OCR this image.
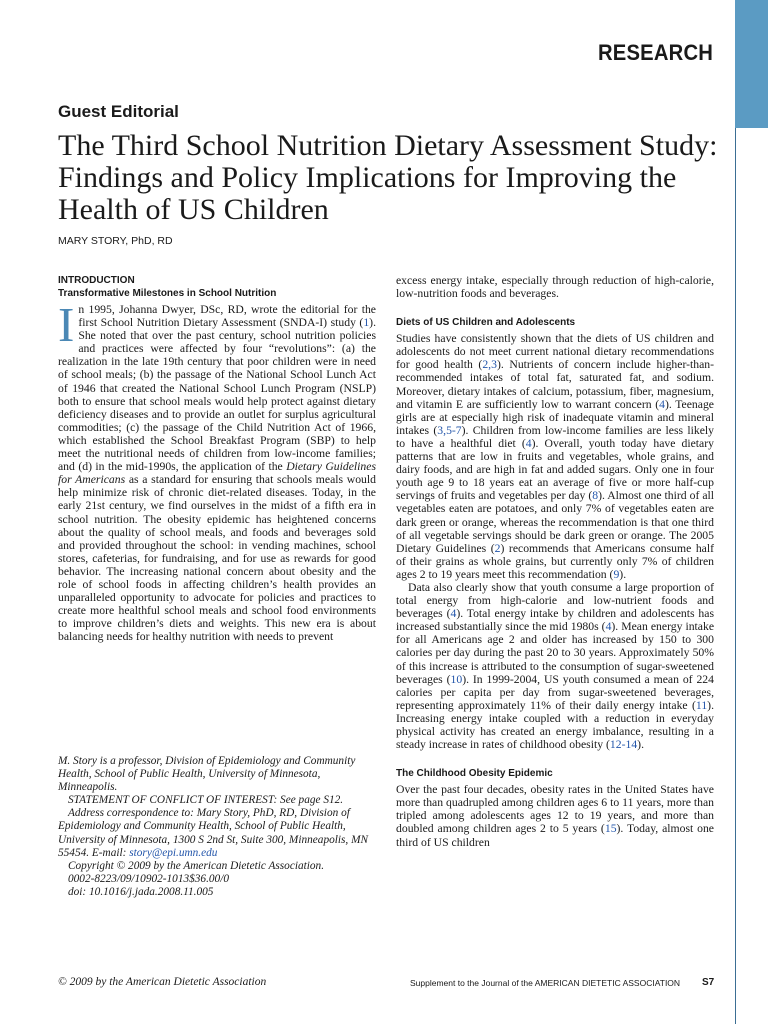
RESEARCH
Guest Editorial
The Third School Nutrition Dietary Assessment Study: Findings and Policy Implications for Improving the Health of US Children
MARY STORY, PhD, RD
INTRODUCTION
Transformative Milestones in School Nutrition

In 1995, Johanna Dwyer, DSc, RD, wrote the editorial for the first School Nutrition Dietary Assessment (SNDA-I) study (1). She noted that over the past century, school nutrition policies and practices were affected by four “revolutions”: (a) the realization in the late 19th century that poor children were in need of school meals; (b) the passage of the National School Lunch Act of 1946 that created the National School Lunch Program (NSLP) both to ensure that school meals would help protect against dietary deficiency diseases and to provide an outlet for surplus agricultural commodities; (c) the passage of the Child Nutrition Act of 1966, which established the School Breakfast Program (SBP) to help meet the nutritional needs of children from low-income families; and (d) in the mid-1990s, the application of the Dietary Guidelines for Americans as a standard for ensuring that schools meals would help minimize risk of chronic diet-related diseases. Today, in the early 21st century, we find ourselves in the midst of a fifth era in school nutrition. The obesity epidemic has heightened concerns about the quality of school meals, and foods and beverages sold and provided throughout the school: in vending machines, school stores, cafeterias, for fundraising, and for use as rewards for good behavior. The increasing national concern about obesity and the role of school foods in affecting children’s health provides an unparalleled opportunity to advocate for policies and practices to create more healthful school meals and school food environments to improve children’s diets and weights. This new era is about balancing needs for healthy nutrition with needs to prevent

M. Story is a professor, Division of Epidemiology and Community Health, School of Public Health, University of Minnesota, Minneapolis.

STATEMENT OF CONFLICT OF INTEREST: See page S12.

Address correspondence to: Mary Story, PhD, RD, Division of Epidemiology and Community Health, School of Public Health, University of Minnesota, 1300 S 2nd St, Suite 300, Minneapolis, MN 55454. E-mail: story@epi.umn.edu

Copyright © 2009 by the American Dietetic Association.

0002-8223/09/10902-1013$36.00/0

doi: 10.1016/j.jada.2008.11.005

excess energy intake, especially through reduction of high-calorie, low-nutrition foods and beverages.

Diets of US Children and Adolescents

Studies have consistently shown that the diets of US children and adolescents do not meet current national dietary recommendations for good health (2,3). Nutrients of concern include higher-than-recommended intakes of total fat, saturated fat, and sodium. Moreover, dietary intakes of calcium, potassium, fiber, magnesium, and vitamin E are sufficiently low to warrant concern (4). Teenage girls are at especially high risk of inadequate vitamin and mineral intakes (3,5-7). Children from low-income families are less likely to have a healthful diet (4). Overall, youth today have dietary patterns that are low in fruits and vegetables, whole grains, and dairy foods, and are high in fat and added sugars. Only one in four youth age 9 to 18 years eat an average of five or more half-cup servings of fruits and vegetables per day (8). Almost one third of all vegetables eaten are potatoes, and only 7% of vegetables eaten are dark green or orange, whereas the recommendation is that one third of all vegetable servings should be dark green or orange. The 2005 Dietary Guidelines (2) recommends that Americans consume half of their grains as whole grains, but currently only 7% of children ages 2 to 19 years meet this recommendation (9).

Data also clearly show that youth consume a large proportion of total energy from high-calorie and low-nutrient foods and beverages (4). Total energy intake by children and adolescents has increased substantially since the mid 1980s (4). Mean energy intake for all Americans age 2 and older has increased by 150 to 300 calories per day during the past 20 to 30 years. Approximately 50% of this increase is attributed to the consumption of sugar-sweetened beverages (10). In 1999-2004, US youth consumed a mean of 224 calories per capita per day from sugar-sweetened beverages, representing approximately 11% of their daily energy intake (11). Increasing energy intake coupled with a reduction in everyday physical activity has created an energy imbalance, resulting in a steady increase in rates of childhood obesity (12-14).

The Childhood Obesity Epidemic

Over the past four decades, obesity rates in the United States have more than quadrupled among children ages 6 to 11 years, more than tripled among adolescents ages 12 to 19 years, and more than doubled among children ages 2 to 5 years (15). Today, almost one third of US children

© 2009 by the American Dietetic Association	Supplement to the Journal of the AMERICAN DIETETIC ASSOCIATION S7
